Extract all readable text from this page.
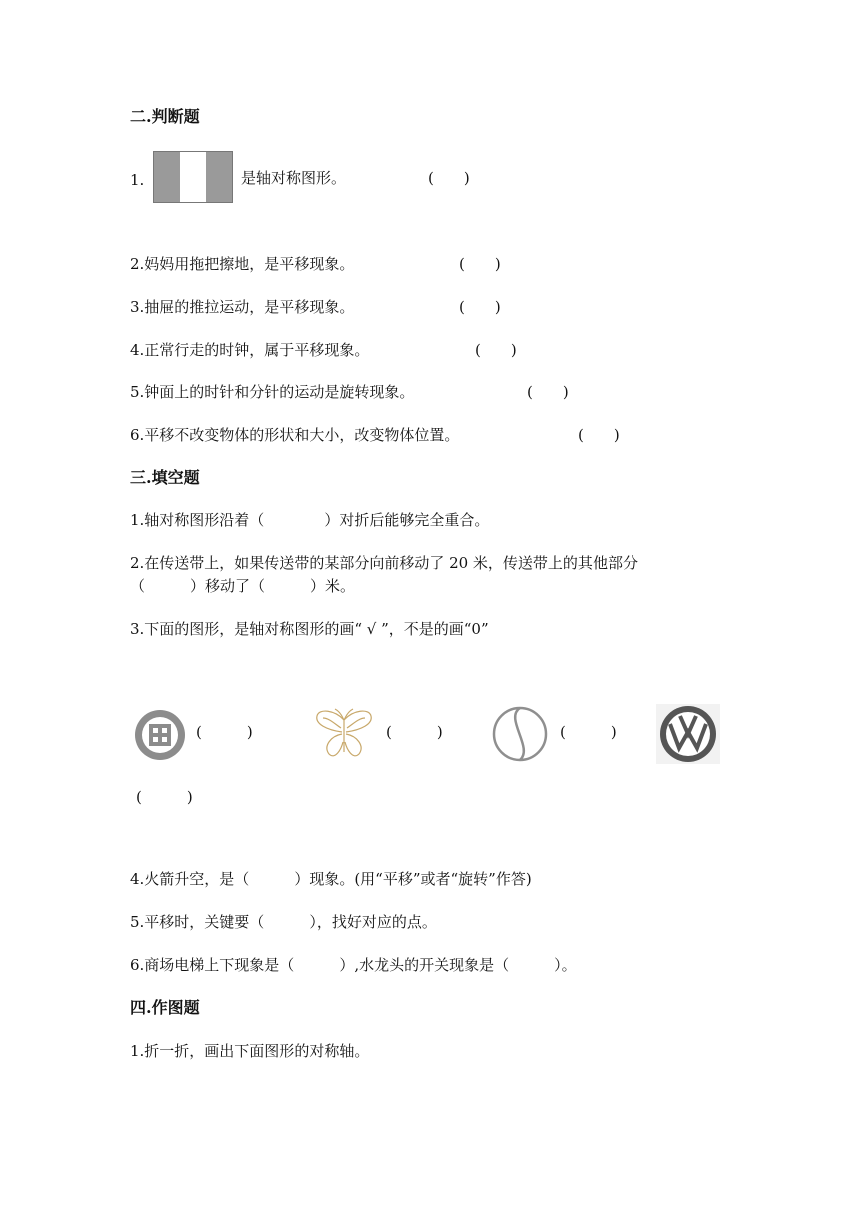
二.判断题
1.	是轴对称图形。	(　　)
2.妈妈用拖把擦地，是平移现象。	(　　)
3.抽屉的推拉运动，是平移现象。	(　　)
4.正常行走的时钟，属于平移现象。	(　　)
5.钟面上的时针和分针的运动是旋转现象。	(　　)
6.平移不改变物体的形状和大小，改变物体位置。	(　　)
三.填空题
1.轴对称图形沿着（　　　　）对折后能够完全重合。
2.在传送带上，如果传送带的某部分向前移动了 20 米，传送带上的其他部分
（　　　）移动了（　　　）米。
3.下面的图形，是轴对称图形的画“ √ ”，不是的画“0”
(　　　)	(　　　)	(　　　)
(　　　)
4.火箭升空，是（　　　）现象。(用“平移”或者“旋转”作答)
5.平移时，关键要（　　　），找好对应的点。
6.商场电梯上下现象是（　　　）,水龙头的开关现象是（　　　）。
四.作图题
1.折一折，画出下面图形的对称轴。
